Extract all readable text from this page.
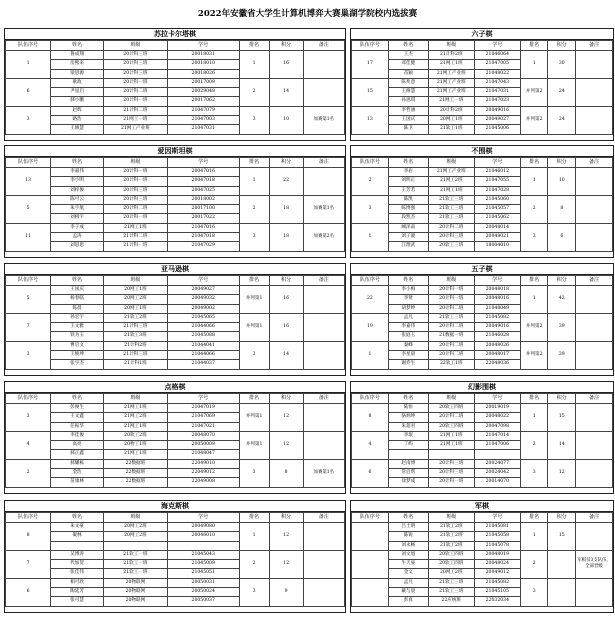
2022年安徽省大学生计算机博弈大赛巢湖学院校内选拔赛
苏拉卡尔塔棋
队伍序号	姓名	班级	学号	排名	积分	备注
1	鲁成翔	20计科三班	20018031	1	16	
	房熙来	20计科三班	20018010			
	梁思源	20计科三班	20018026			
6	耿政	20计科一班	20017009	2	14	
	尹星启	20计科二班	20029048			
	郝小鹏	20计科一班	20017062			
3	赵辉	21计科二班	21047079	3	10	加赛第1名
	路浩	21网工一班	21047003			
	王修慧	21网工产业班	21047031			
六子棋
队伍序号	姓名	班级	学号	排名	积分	备注
17	王杰	21计科2班	21046064	1	30	
	邓佳健	21网工1班	21047005			
	苗颖	21网工产业班	21048022			
15	陈兆意	21网工产业班	21047043	并列第2	24	
	王修慧	21网工产业班	21047031			
	孙思琪	21网工一班	21047023			
13	李哲涵	20计科2班	20049016	并列第2	24	
	王国庆	20网工1班	20049027			
	陈卫	21软工1班	21045006			
爱因斯坦棋
队伍序号	姓名	班级	学号	排名	积分	备注
13	李嘉伟	20计科一班	20047016	1	22	
	李小明	20计科一班	20047018			
	刘梓俊	20计科三班	20047025			
5	陈可云	20计科三班	20018002	2	18	加赛第1名
	朱宇航	20计科二班	20017100			
	刘相宇	20计科一班	20017022			
11	李子成	21网工1班	21047016	3	18	加赛第2名
	孟涛	21计科二班	21047018			
	刘思思	21计科一班	21047029			
不围棋
队伍序号	姓名	班级	学号	排名	积分	备注
2	李岩	21网工产业班	21046012	1	10	
	刘明正	21网工2班	21047055			
	王芳若	21网工1班	21047028			
3	陈凯	21软工三班	21045060	2	8	
	陈博强	21软工三班	21045057			
	段凯杰	21软工三班	21045062			
1	阚泽南	20计科二班	20048014	3	6	
	刘子骏	20计科三班	20048021			
	江理武	20软工三班	18004010			
亚马逊棋
队伍序号	姓名	班级	学号	排名	积分	备注
5	王国庆	20网工1班	20049027	并列第1	16	
	杨春临	20网工2班	20049032			
	陈晨	20网工1班	20049002			
7	孙宏宇	21软工2班	21045065	并列第1	16	
	王文雅	21计科三班	21044066			
	铁为玉	21软工3班	21045088			
3	曹启文	21计科2班	21044041	3	14	
	王焕坤	21计科三班	21044066			
	张宇杰	21计科1班	21044037			
五子棋
队伍序号	姓名	班级	学号	排名	积分	备注
22	李小梅	20计科一班	20048018	1	42	
	李贤	20计科一班	20048016			
	胡梦婷	20计科二班	21048049			
19	孟凡	21软工三班	21045082	并列第2	39	
	李嘉伟	20计科二班	20049016			
	张庭玉	21数据一班	21046028			
1	秦峰	20计科二班	20048026	并列第2	39	
	李星晨	20计科二班	20048017			
	谢乔生	22软工1班	22048036			
点格棋
队伍序号	姓名	班级	学号	排名	积分	备注
3	彭俊生	21网工1班	21047019	并列第1	12	
	王文鑫	21网工2班	21047069			
	任振华	21网工1班	21047021			
4	李佳俊	20软工2班	20048070	并列第1	12	
	高亮	20物工1班	20050009			
	郝正鑫	21网工1班	21048047			
2	郝耀栋	22数据班	22049010	3	8	加赛第1名
	金浩	22数据班	22049012			
	苗康林	22数据班	22049008			
幻影围棋
队伍序号	姓名	班级	学号	排名	积分	备注
8	陆恒	20软工四班	20019019	1	15	
	骆炳坤	20计科二班	20048022			
	朱超君	20软工四班	20047098			
4	李珉	21网工1班	21047014	2	14	
	丁屿	21网工1班	21047006			

6	赵南博	20计科三班	20024077	3	12	
	常启帮	20计科三班	20024042			
	徐梦成	20计科一班	20014070			
海克斯棋
队伍序号	姓名	班级	学号	排名	积分	备注
8	朱文豪	20网工2班	20049080	1	12	
	凝林	20网工2班	20046010			

7	吴博涛	21软工一班	21045043	2	12	
	代加贺	21软工一班	21045009			
	张佳伟	21软工一班	21045051			
6	相可欣	20物联网	20050031	3	9	
	陶延芳	20物联网	20050024			
	张可慧	20物联网	20050037			
军棋
队伍序号	姓名	班级	学号	排名	积分	备注
	吕士明	21软工2班	21045081	1	15	
	陈锐	21软工2班	21045058			
	刘永畅	21软工2班	21045078			
	刘文旭	20软工四班	20048019	2		军棋仅3支队伍，全部晋级
	牛天豪	20软工四班	20048024			
	金文	20网工2班	20049012			
	孟凡	21软工三班	21045082	3		
	戴与晨	21软工三班	21045105			
	彭真	22应统班	22032034			
